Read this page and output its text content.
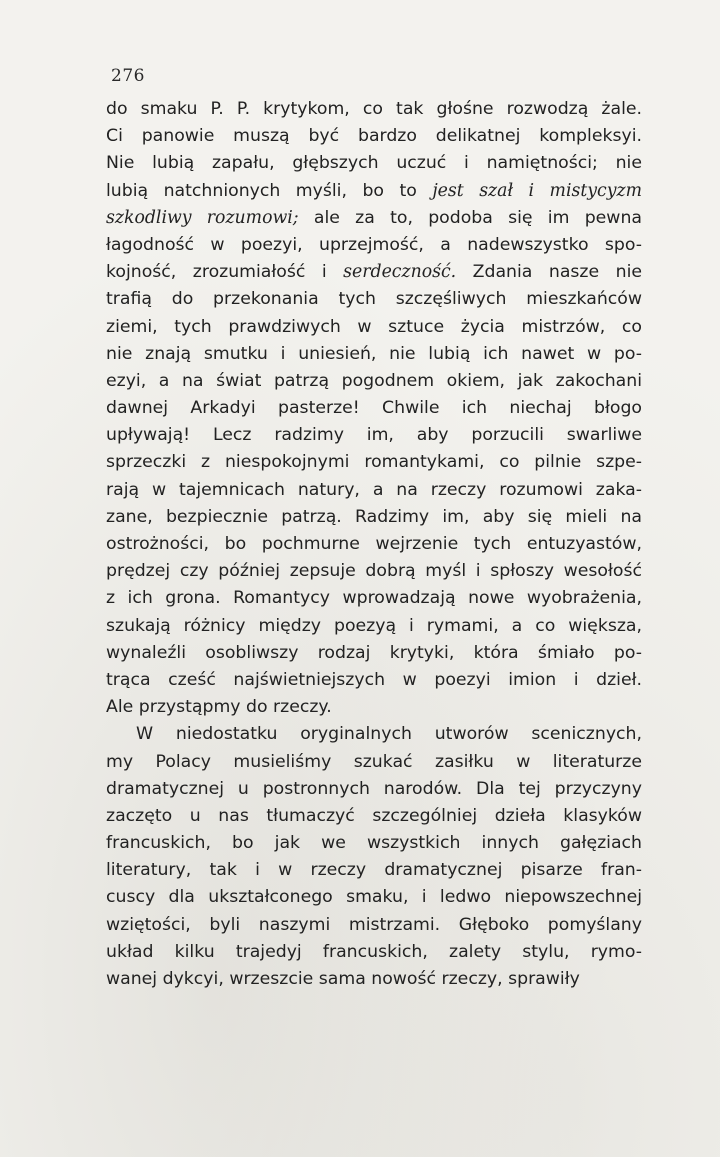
276
do smaku P. P. krytykom, co tak głośne rozwodzą żale.
Ci panowie muszą być bardzo delikatnej kompleksyi.
Nie lubią zapału, głębszych uczuć i namiętności; nie
lubią natchnionych myśli, bo to jest szał i mistycyzm
szkodliwy rozumowi; ale za to, podoba się im pewna
łagodność w poezyi, uprzejmość, a nadewszystko spo-
kojność, zrozumiałość i serdeczność. Zdania nasze nie
trafią do przekonania tych szczęśliwych mieszkańców
ziemi, tych prawdziwych w sztuce życia mistrzów, co
nie znają smutku i uniesień, nie lubią ich nawet w po-
ezyi, a na świat patrzą pogodnem okiem, jak zakochani
dawnej Arkadyi pasterze! Chwile ich niechaj błogo
upływają! Lecz radzimy im, aby porzucili swarliwe
sprzeczki z niespokojnymi romantykami, co pilnie szpe-
rają w tajemnicach natury, a na rzeczy rozumowi zaka-
zane, bezpiecznie patrzą. Radzimy im, aby się mieli na
ostrożności, bo pochmurne wejrzenie tych entuzyastów,
prędzej czy później zepsuje dobrą myśl i spłoszy wesołość
z ich grona. Romantycy wprowadzają nowe wyobrażenia,
szukają różnicy między poezyą i rymami, a co większa,
wynaleźli osobliwszy rodzaj krytyki, która śmiało po-
trąca cześć najświetniejszych w poezyi imion i dzieł.
Ale przystąpmy do rzeczy.
W niedostatku oryginalnych utworów scenicznych,
my Polacy musieliśmy szukać zasiłku w literaturze
dramatycznej u postronnych narodów. Dla tej przyczyny
zaczęto u nas tłumaczyć szczególniej dzieła klasyków
francuskich, bo jak we wszystkich innych gałęziach
literatury, tak i w rzeczy dramatycznej pisarze fran-
cuscy dla ukształconego smaku, i ledwo niepowszechnej
wziętości, byli naszymi mistrzami. Głęboko pomyślany
układ kilku trajedyj francuskich, zalety stylu, rymo-
wanej dykcyi, wrzeszcie sama nowość rzeczy, sprawiły
